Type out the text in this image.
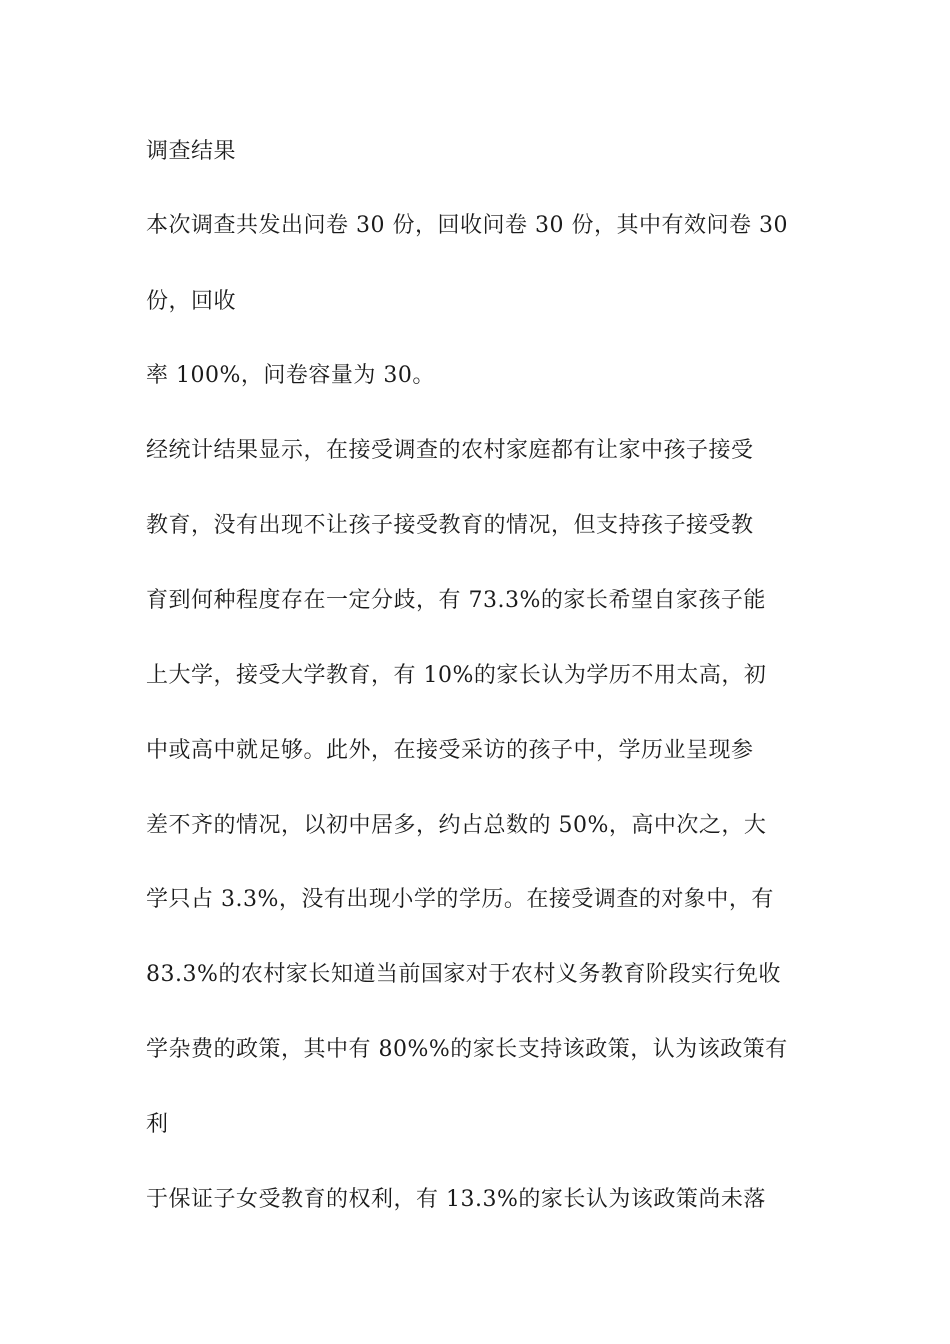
调查结果
本次调查共发出问卷 30 份，回收问卷 30 份，其中有效问卷 30
份，回收
率 100%，问卷容量为 30。
经统计结果显示，在接受调查的农村家庭都有让家中孩子接受
教育，没有出现不让孩子接受教育的情况，但支持孩子接受教
育到何种程度存在一定分歧，有 73.3%的家长希望自家孩子能
上大学，接受大学教育，有 10%的家长认为学历不用太高，初
中或高中就足够。此外，在接受采访的孩子中，学历业呈现参
差不齐的情况，以初中居多，约占总数的 50%，高中次之，大
学只占 3.3%，没有出现小学的学历。在接受调查的对象中，有
83.3%的农村家长知道当前国家对于农村义务教育阶段实行免收
学杂费的政策，其中有 80%%的家长支持该政策，认为该政策有
利
于保证子女受教育的权利，有 13.3%的家长认为该政策尚未落
